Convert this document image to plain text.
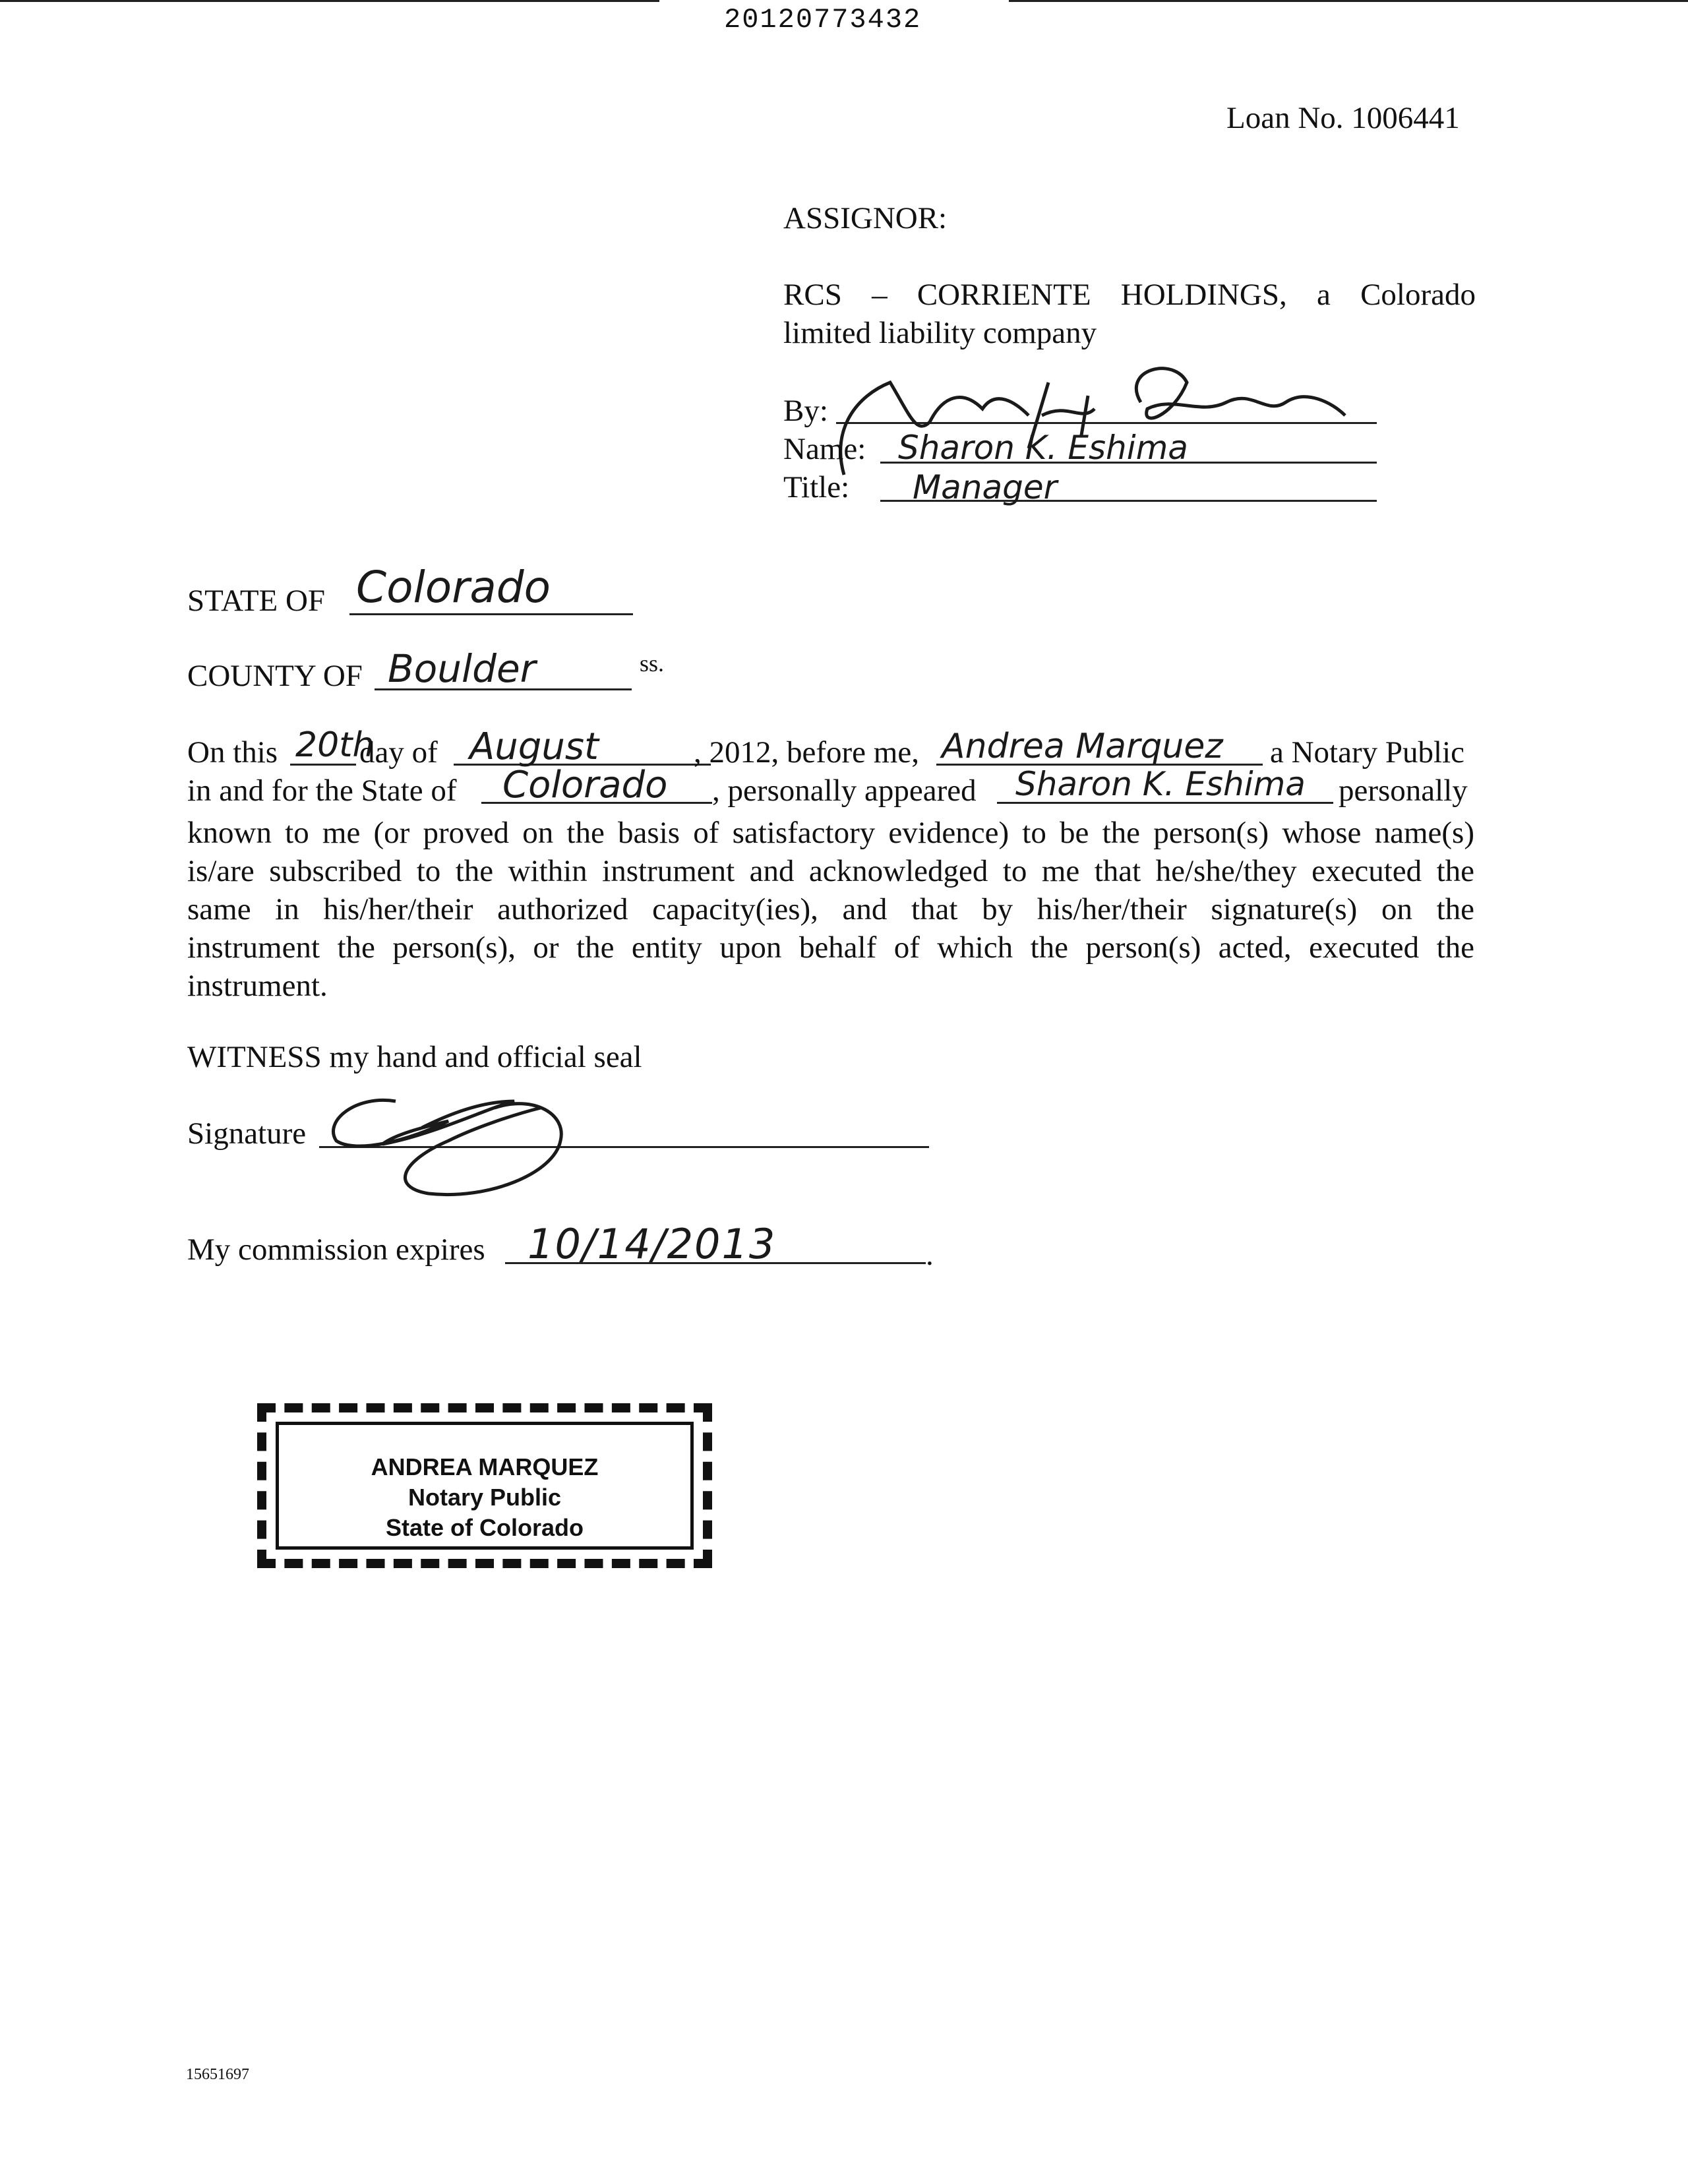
20120773432
Loan No. 1006441
ASSIGNOR:
RCS – CORRIENTE HOLDINGS, a Colorado
limited liability company
By:
Name: Sharon K. Eshima
Title: Manager
STATE OF Colorado
COUNTY OF Boulder	ss.
On this 20th
day of August	, 2012, before me, Andrea Marquez a Notary Public
in and for the State of Colorado , personally appeared Sharon K. Eshima personally
known to me (or proved on the basis of satisfactory evidence) to be the person(s) whose name(s)
is/are subscribed to the within instrument and acknowledged to me that he/she/they executed the
same in his/her/their authorized capacity(ies), and that by his/her/their signature(s) on the
instrument the person(s), or the entity upon behalf of which the person(s) acted, executed the
instrument.
WITNESS my hand and official seal
Signature
My commission expires 10/14/2013	.
ANDREA MARQUEZ
Notary Public
State of Colorado
15651697
